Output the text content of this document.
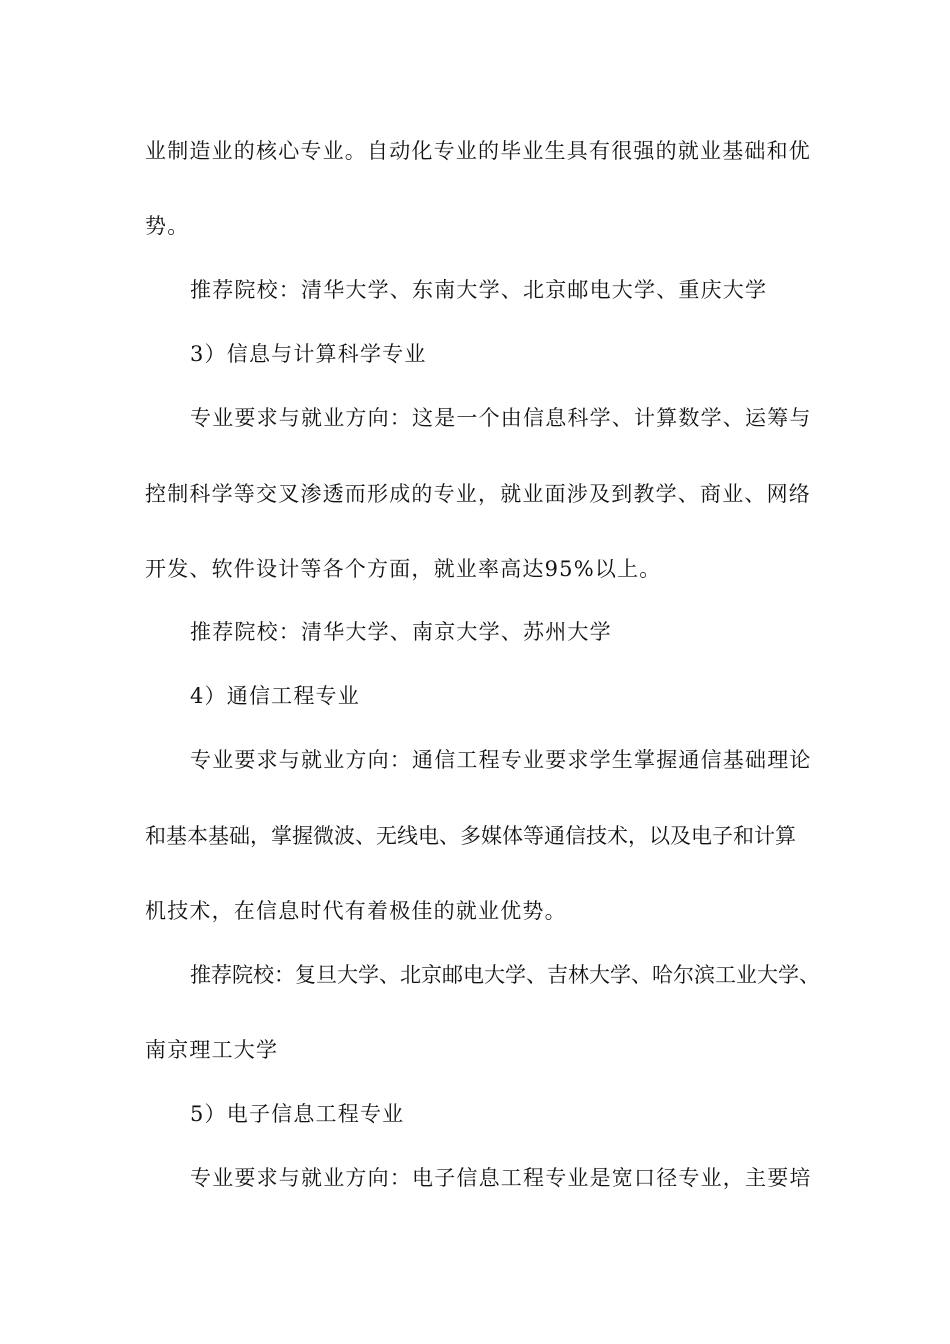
业制造业的核心专业。自动化专业的毕业生具有很强的就业基础和优
势。
推荐院校：清华大学、东南大学、北京邮电大学、重庆大学
3）信息与计算科学专业
专业要求与就业方向：这是一个由信息科学、计算数学、运筹与
控制科学等交叉渗透而形成的专业，就业面涉及到教学、商业、网络
开发、软件设计等各个方面，就业率高达95%以上。
推荐院校：清华大学、南京大学、苏州大学
4）通信工程专业
专业要求与就业方向：通信工程专业要求学生掌握通信基础理论
和基本基础，掌握微波、无线电、多媒体等通信技术，以及电子和计算
机技术，在信息时代有着极佳的就业优势。
推荐院校：复旦大学、北京邮电大学、吉林大学、哈尔滨工业大学、
南京理工大学
5）电子信息工程专业
专业要求与就业方向：电子信息工程专业是宽口径专业，主要培
